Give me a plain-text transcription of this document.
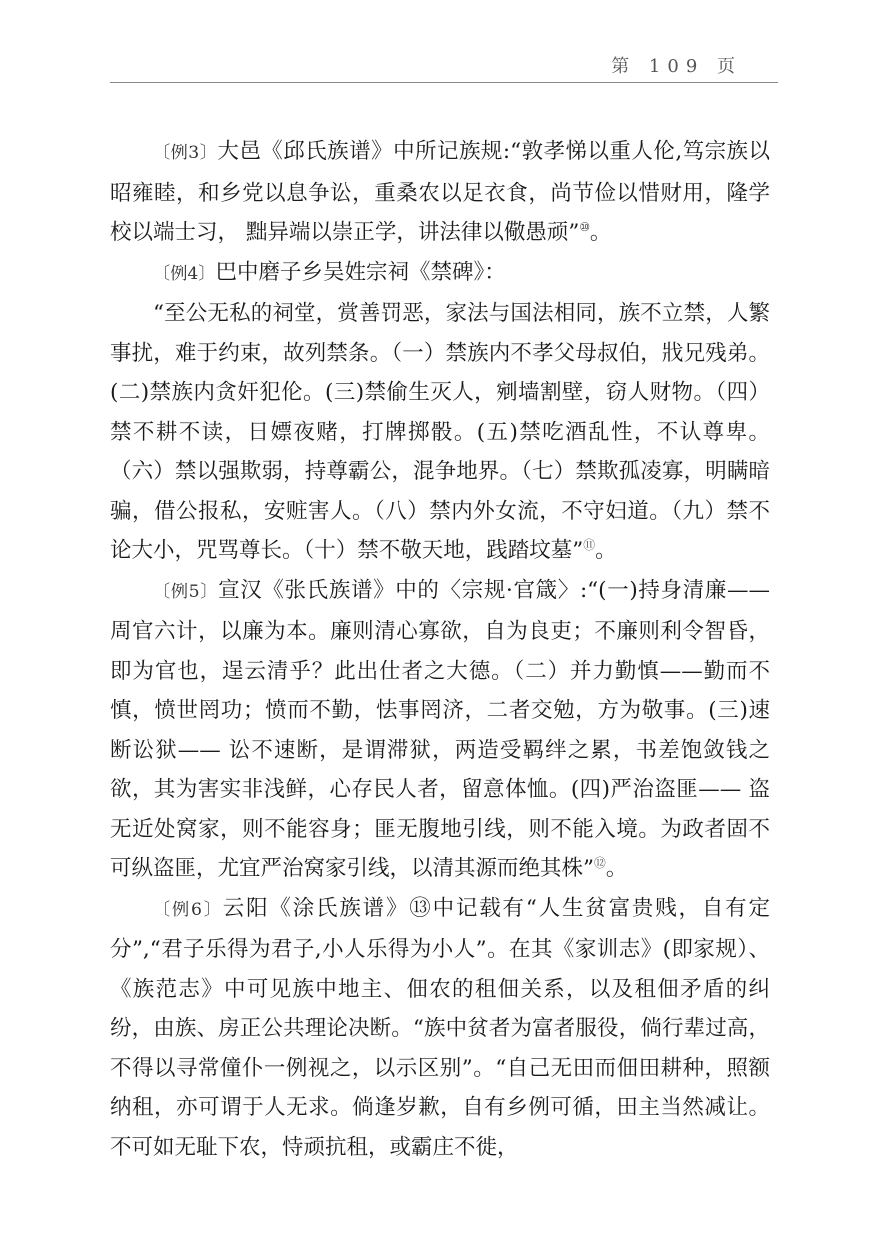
第 109 页

〔例3〕大邑《邱氏族谱》中所记族规:“敦孝悌以重人伦,笃宗族以昭雍睦，和乡党以息争讼，重桑农以足衣食，尚节俭以惜财用，隆学校以端士习， 黜异端以崇正学，讲法律以儆愚顽”⑩。

〔例4〕巴中磨子乡吴姓宗祠《禁碑》：

“至公无私的祠堂，赏善罚恶，家法与国法相同，族不立禁，人繁事扰，难于约束，故列禁条。（一）禁族内不孝父母叔伯，戕兄残弟。(二)禁族内贪奸犯伦。(三)禁偷生灭人，剜墙割壁，窃人财物。（四）禁不耕不读，日嫖夜赌，打牌掷骰。(五)禁吃酒乱性，不认尊卑。（六）禁以强欺弱，持尊霸公，混争地界。（七）禁欺孤凌寡，明瞒暗骗，借公报私，安赃害人。（八）禁内外女流，不守妇道。（九）禁不论大小，咒骂尊长。（十）禁不敬天地，践踏坟墓”⑪。

〔例5〕宣汉《张氏族谱》中的〈宗规·官箴〉:“(一)持身清廉——周官六计，以廉为本。廉则清心寡欲，自为良吏；不廉则利令智昏，即为官也，逞云清乎？此出仕者之大德。（二）并力勤慎——勤而不慎，愤世罔功；愤而不勤，怯事罔济，二者交勉，方为敬事。(三)速断讼狱—— 讼不速断，是谓滞狱，两造受羁绊之累，书差饱敛钱之欲，其为害实非浅鲜，心存民人者，留意体恤。(四)严治盗匪—— 盗无近处窝家，则不能容身；匪无腹地引线，则不能入境。为政者固不可纵盗匪，尤宜严治窝家引线，以清其源而绝其株”⑫。

〔例6〕云阳《涂氏族谱》⑬中记载有“人生贫富贵贱，自有定分”,“君子乐得为君子,小人乐得为小人”。在其《家训志》(即家规）、《族范志》中可见族中地主、佃农的租佃关系，以及租佃矛盾的纠纷，由族、房正公共理论决断。“族中贫者为富者服役，倘行辈过高，不得以寻常僮仆一例视之，以示区别”。“自己无田而佃田耕种，照额纳租，亦可谓于人无求。倘逢岁歉，自有乡例可循，田主当然减让。不可如无耻下农，恃顽抗租，或霸庄不徙，
